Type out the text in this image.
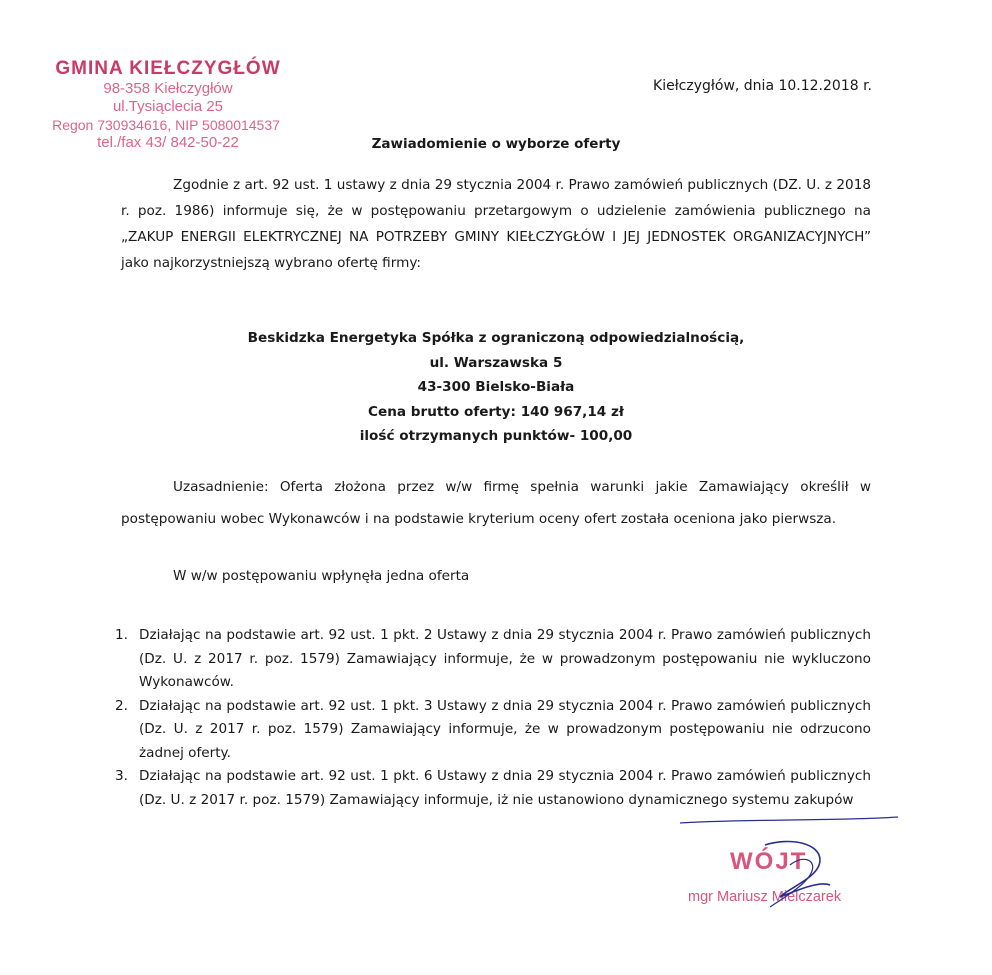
GMINA KIEŁCZYGŁÓW
98-358 Kiełczygłów
ul.Tysiąclecia 25
Regon 730934616, NIP 5080014537
tel./fax 43/ 842-50-22
Kiełczygłów, dnia 10.12.2018 r.
Zawiadomienie o wyborze oferty
Zgodnie z art. 92 ust. 1 ustawy z dnia 29 stycznia 2004 r. Prawo zamówień publicznych (DZ. U. z 2018 r. poz. 1986) informuje się, że w postępowaniu przetargowym o udzielenie zamówienia publicznego na „ZAKUP ENERGII ELEKTRYCZNEJ NA POTRZEBY GMINY KIEŁCZYGŁÓW I JEJ JEDNOSTEK ORGANIZACYJNYCH” jako najkorzystniejszą wybrano ofertę firmy:
Beskidzka Energetyka Spółka z ograniczoną odpowiedzialnością,
ul. Warszawska 5
43-300 Bielsko-Biała
Cena brutto oferty: 140 967,14 zł
ilość otrzymanych punktów- 100,00
Uzasadnienie: Oferta złożona przez w/w firmę spełnia warunki jakie Zamawiający określił w postępowaniu wobec Wykonawców i na podstawie kryterium oceny ofert została oceniona jako pierwsza.
W w/w postępowaniu wpłynęła jedna oferta
1. Działając na podstawie art. 92 ust. 1 pkt. 2 Ustawy z dnia 29 stycznia 2004 r. Prawo zamówień publicznych (Dz. U. z 2017 r. poz. 1579) Zamawiający informuje, że w prowadzonym postępowaniu nie wykluczono Wykonawców.
2. Działając na podstawie art. 92 ust. 1 pkt. 3 Ustawy z dnia 29 stycznia 2004 r. Prawo zamówień publicznych (Dz. U. z 2017 r. poz. 1579) Zamawiający informuje, że w prowadzonym postępowaniu nie odrzucono żadnej oferty.
3. Działając na podstawie art. 92 ust. 1 pkt. 6 Ustawy z dnia 29 stycznia 2004 r. Prawo zamówień publicznych (Dz. U. z 2017 r. poz. 1579) Zamawiający informuje, iż nie ustanowiono dynamicznego systemu zakupów
WÓJT
mgr Mariusz Mielczarek
